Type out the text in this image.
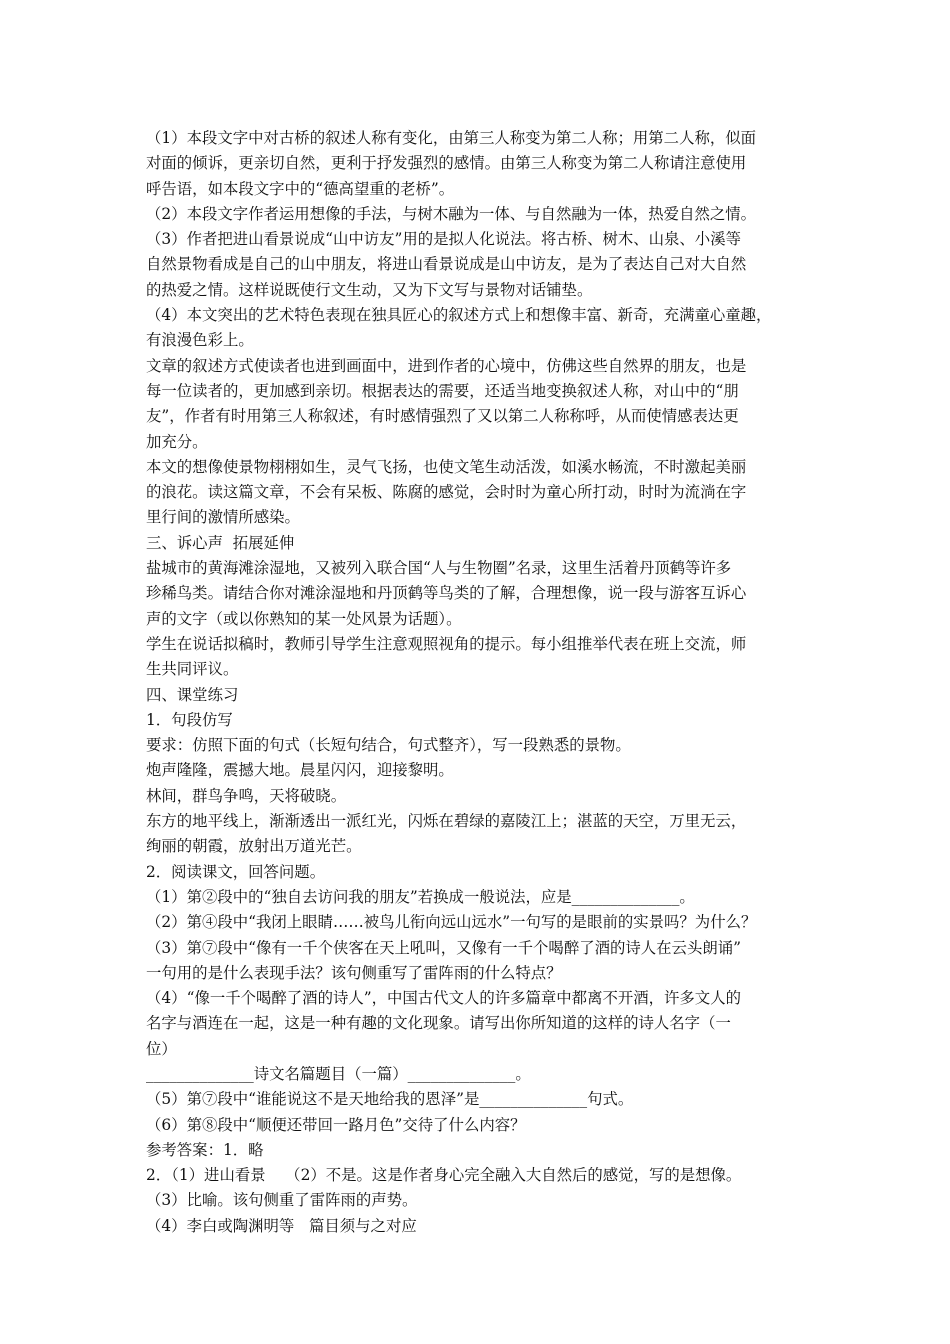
（1）本段文字中对古桥的叙述人称有变化，由第三人称变为第二人称；用第二人称，似面

对面的倾诉，更亲切自然，更利于抒发强烈的感情。由第三人称变为第二人称请注意使用

呼告语，如本段文字中的“德高望重的老桥”。

（2）本段文字作者运用想像的手法，与树木融为一体、与自然融为一体，热爱自然之情。

（3）作者把进山看景说成“山中访友”用的是拟人化说法。将古桥、树木、山泉、小溪等

自然景物看成是自己的山中朋友，将进山看景说成是山中访友，是为了表达自己对大自然

的热爱之情。这样说既使行文生动，又为下文写与景物对话铺垫。

（4）本文突出的艺术特色表现在独具匠心的叙述方式上和想像丰富、新奇，充满童心童趣，

有浪漫色彩上。

文章的叙述方式使读者也进到画面中，进到作者的心境中，仿佛这些自然界的朋友，也是

每一位读者的，更加感到亲切。根据表达的需要，还适当地变换叙述人称，对山中的“朋

友”，作者有时用第三人称叙述，有时感情强烈了又以第二人称称呼，从而使情感表达更

加充分。

本文的想像使景物栩栩如生，灵气飞扬，也使文笔生动活泼，如溪水畅流，不时激起美丽

的浪花。读这篇文章，不会有呆板、陈腐的感觉，会时时为童心所打动，时时为流淌在字

里行间的激情所感染。

三、诉心声  拓展延伸

盐城市的黄海滩涂湿地，又被列入联合国“人与生物圈”名录，这里生活着丹顶鹤等许多

珍稀鸟类。请结合你对滩涂湿地和丹顶鹤等鸟类的了解，合理想像，说一段与游客互诉心

声的文字（或以你熟知的某一处风景为话题）。

学生在说话拟稿时，教师引导学生注意观照视角的提示。每小组推举代表在班上交流，师

生共同评议。

四、课堂练习

1．句段仿写

要求：仿照下面的句式（长短句结合，句式整齐），写一段熟悉的景物。

炮声隆隆，震撼大地。晨星闪闪，迎接黎明。

林间，群鸟争鸣，天将破晓。

东方的地平线上，渐渐透出一派红光，闪烁在碧绿的嘉陵江上；湛蓝的天空，万里无云，

绚丽的朝霞，放射出万道光芒。

2．阅读课文，回答问题。

（1）第②段中的“独自去访问我的朋友”若换成一般说法，应是______________。

（2）第④段中“我闭上眼睛……被鸟儿衔向远山远水”一句写的是眼前的实景吗？为什么？

（3）第⑦段中“像有一千个侠客在天上吼叫，又像有一千个喝醉了酒的诗人在云头朗诵”

一句用的是什么表现手法？该句侧重写了雷阵雨的什么特点？

（4）“像一千个喝醉了酒的诗人”，中国古代文人的许多篇章中都离不开酒，许多文人的

名字与酒连在一起，这是一种有趣的文化现象。请写出你所知道的这样的诗人名字（一

位）

______________诗文名篇题目（一篇）______________。

（5）第⑦段中“谁能说这不是天地给我的恩泽”是______________句式。

（6）第⑧段中“顺便还带回一路月色”交待了什么内容？

参考答案：1．略

2．（1）进山看景    （2）不是。这是作者身心完全融入大自然后的感觉，写的是想像。

（3）比喻。该句侧重了雷阵雨的声势。

（4）李白或陶渊明等   篇目须与之对应
